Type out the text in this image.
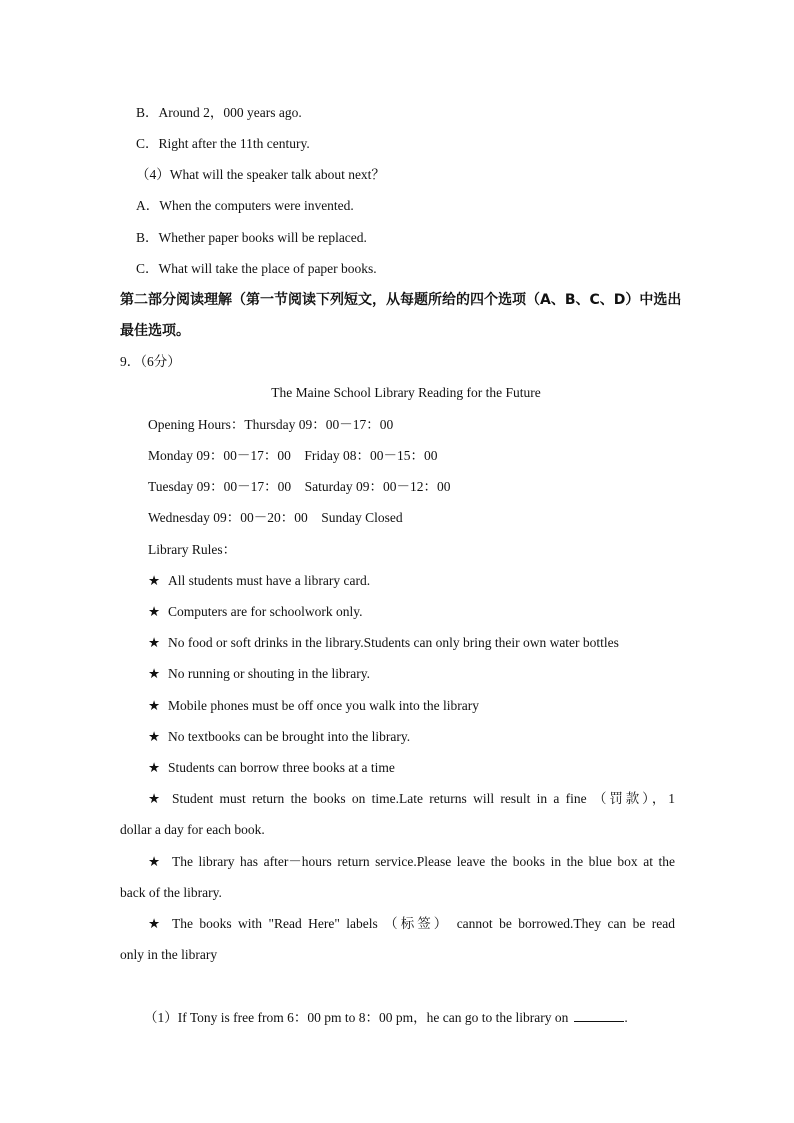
B．Around 2，000 years ago.
C．Right after the 11th century.
（4）What will the speaker talk about next？
A．When the computers were invented.
B．Whether paper books will be replaced.
C．What will take the place of paper books.
第二部分阅读理解（第一节阅读下列短文，从每题所给的四个选项（A、B、C、D）中选出
最佳选项。
9．（6分）
The Maine School Library Reading for the Future
Opening Hours：Thursday 09：00－17：00
Monday 09：00－17：00    Friday 08：00－15：00
Tuesday 09：00－17：00    Saturday 09：00－12：00
Wednesday 09：00－20：00    Sunday Closed
Library Rules：
★ All students must have a library card.
★ Computers are for schoolwork only.
★ No food or soft drinks in the library.Students can only bring their own water bottles
★ No running or shouting in the library.
★ Mobile phones must be off once you walk into the library
★ No textbooks can be brought into the library.
★ Students can borrow three books at a time
★ Student must return the books on time.Late returns will result in a fine （罚款），1
dollar a day for each book.
★ The library has after－hours return service.Please leave the books in the blue box at the
back of the library.
★ The books with "Read Here" labels （标签） cannot be borrowed.They can be read
only in the library
（1）If Tony is free from 6：00 pm to 8：00 pm，he can go to the library on	.
